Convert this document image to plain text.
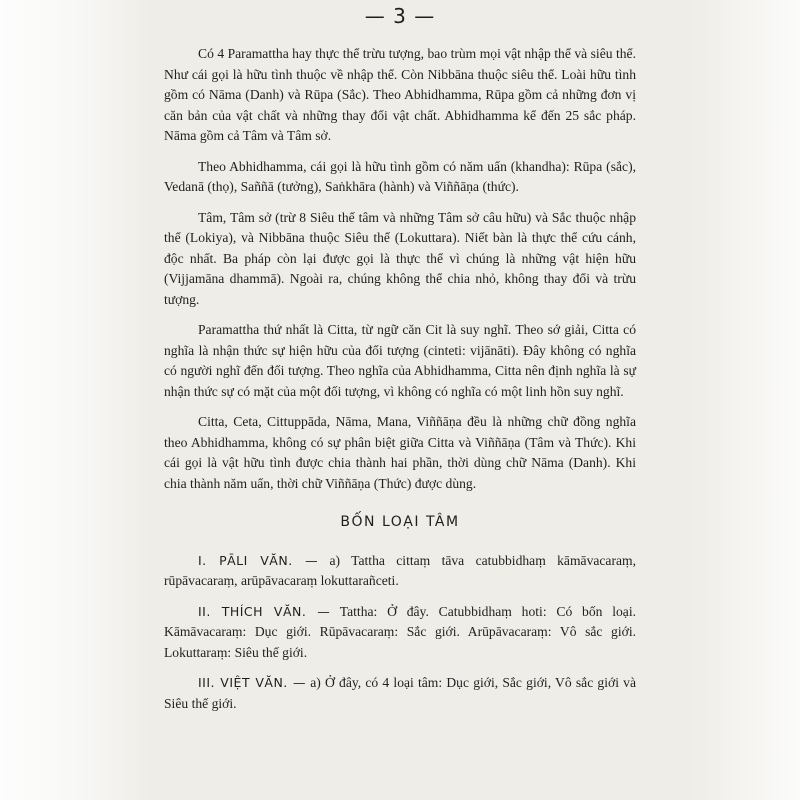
— 3 —

Có 4 Paramattha hay thực thể trừu tượng, bao trùm mọi vật nhập thể và siêu thể. Như cái gọi là hữu tình thuộc về nhập thể. Còn Nibbāna thuộc siêu thể. Loài hữu tình gồm có Nāma (Danh) và Rūpa (Sắc). Theo Abhidhamma, Rūpa gồm cả những đơn vị căn bản của vật chất và những thay đổi vật chất. Abhidhamma kể đến 25 sắc pháp. Nāma gồm cả Tâm và Tâm sở.

Theo Abhidhamma, cái gọi là hữu tình gồm có năm uẩn (khandha): Rūpa (sắc), Vedanā (thọ), Saññā (tưởng), Saṅkhāra (hành) và Viññāṇa (thức).

Tâm, Tâm sở (trừ 8 Siêu thế tâm và những Tâm sở câu hữu) và Sắc thuộc nhập thể (Lokiya), và Nibbāna thuộc Siêu thể (Lokuttara). Niết bàn là thực thể cứu cánh, độc nhất. Ba pháp còn lại được gọi là thực thể vì chúng là những vật hiện hữu (Vijjamāna dhammā). Ngoài ra, chúng không thể chia nhỏ, không thay đổi và trừu tượng.

Paramattha thứ nhất là Citta, từ ngữ căn Cit là suy nghĩ. Theo sớ giải, Citta có nghĩa là nhận thức sự hiện hữu của đối tượng (cinteti: vijānāti). Đây không có nghĩa có người nghĩ đến đối tượng. Theo nghĩa của Abhidhamma, Citta nên định nghĩa là sự nhận thức sự có mặt của một đối tượng, vì không có nghĩa có một linh hồn suy nghĩ.

Citta, Ceta, Cittuppāda, Nāma, Mana, Viññāṇa đều là những chữ đồng nghĩa theo Abhidhamma, không có sự phân biệt giữa Citta và Viññāṇa (Tâm và Thức). Khi cái gọi là vật hữu tình được chia thành hai phần, thời dùng chữ Nāma (Danh). Khi chia thành năm uẩn, thời chữ Viññāṇa (Thức) được dùng.

BỐN LOẠI TÂM

I. PĀLI VĂN. — a) Tattha cittaṃ tāva catubbidhaṃ kāmāvacaraṃ, rūpāvacaraṃ, arūpāvacaraṃ lokuttarañceti.

II. THÍCH VĂN. — Tattha: Ở đây. Catubbidhaṃ hoti: Có bốn loại. Kāmāvacaraṃ: Dục giới. Rūpāvacaraṃ: Sắc giới. Arūpāvacaraṃ: Vô sắc giới. Lokuttaraṃ: Siêu thế giới.

III. VIỆT VĂN. — a) Ở đây, có 4 loại tâm: Dục giới, Sắc giới, Vô sắc giới và Siêu thế giới.
